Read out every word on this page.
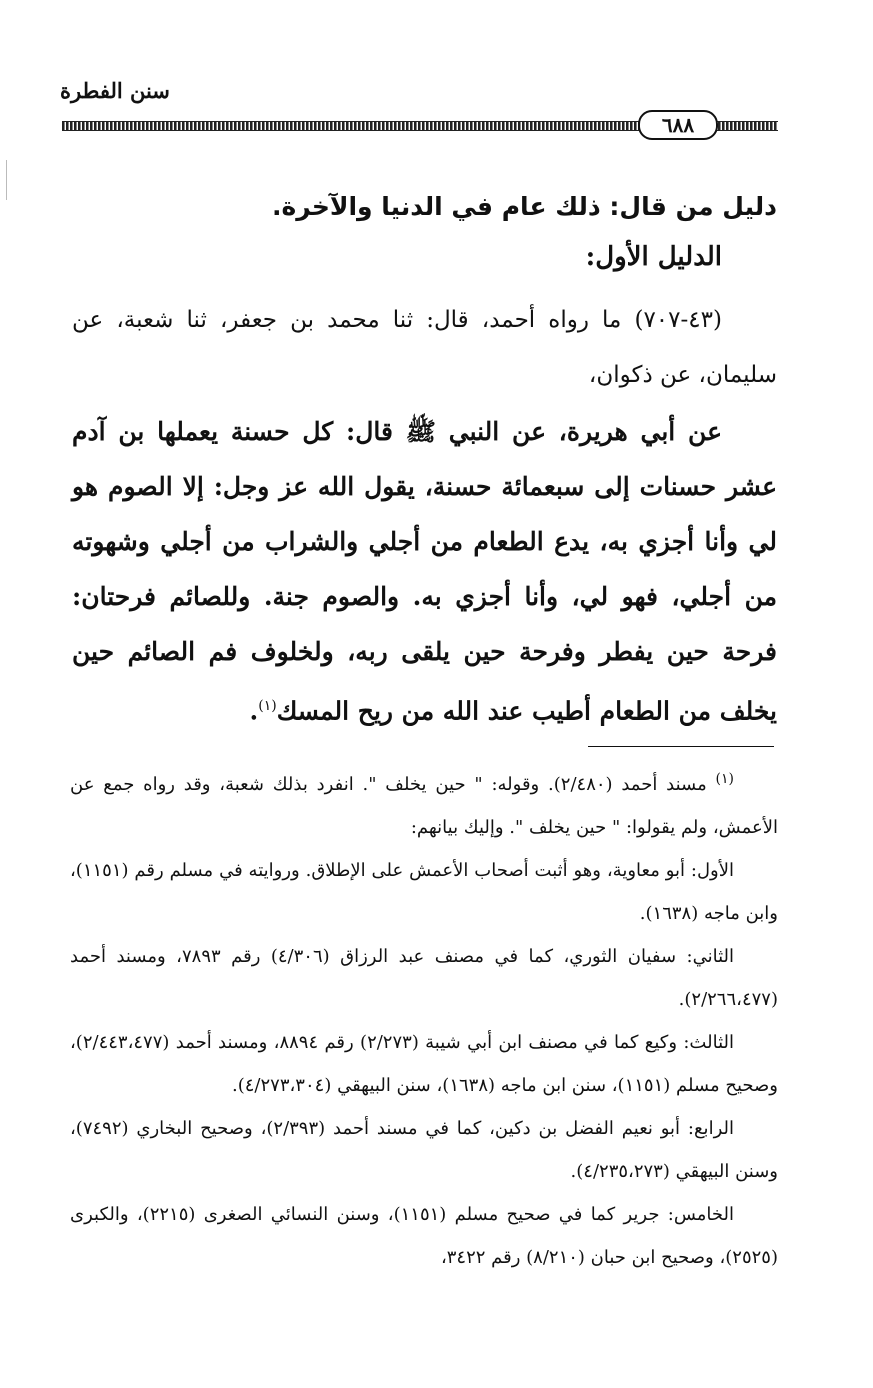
سنن الفطرة
٦٨٨
دليل من قال: ذلك عام في الدنيا والآخرة.
الدليل الأول:
(٤٣-٧٠٧) ما رواه أحمد، قال: ثنا محمد بن جعفر، ثنا شعبة، عن سليمان، عن ذكوان،
عن أبي هريرة، عن النبي ﷺ قال: كل حسنة يعملها بن آدم عشر حسنات إلى سبعمائة حسنة، يقول الله عز وجل: إلا الصوم هو لي وأنا أجزي به، يدع الطعام من أجلي والشراب من أجلي وشهوته من أجلي، فهو لي، وأنا أجزي به. والصوم جنة. وللصائم فرحتان: فرحة حين يفطر وفرحة حين يلقى ربه، ولخلوف فم الصائم حين يخلف من الطعام أطيب عند الله من ريح المسك$^{(١)}$.

$^{(١)}$ مسند أحمد (٢/٤٨٠). وقوله: " حين يخلف ". انفرد بذلك شعبة، وقد رواه جمع عن الأعمش، ولم يقولوا: " حين يخلف ". وإليك بيانهم:

الأول: أبو معاوية، وهو أثبت أصحاب الأعمش على الإطلاق. وروايته في مسلم رقم (١١٥١)، وابن ماجه (١٦٣٨).

الثاني: سفيان الثوري، كما في مصنف عبد الرزاق (٤/٣٠٦) رقم ٧٨٩٣، ومسند أحمد (٢/٢٦٦،٤٧٧).

الثالث: وكيع كما في مصنف ابن أبي شيبة (٢/٢٧٣) رقم ٨٨٩٤، ومسند أحمد (٢/٤٤٣،٤٧٧)، وصحيح مسلم (١١٥١)، سنن ابن ماجه (١٦٣٨)، سنن البيهقي (٤/٢٧٣،٣٠٤).

الرابع: أبو نعيم الفضل بن دكين، كما في مسند أحمد (٢/٣٩٣)، وصحيح البخاري (٧٤٩٢)، وسنن البيهقي (٤/٢٣٥،٢٧٣).

الخامس: جرير كما في صحيح مسلم (١١٥١)، وسنن النسائي الصغرى (٢٢١٥)، والكبرى (٢٥٢٥)، وصحيح ابن حبان (٨/٢١٠) رقم ٣٤٢٢،
